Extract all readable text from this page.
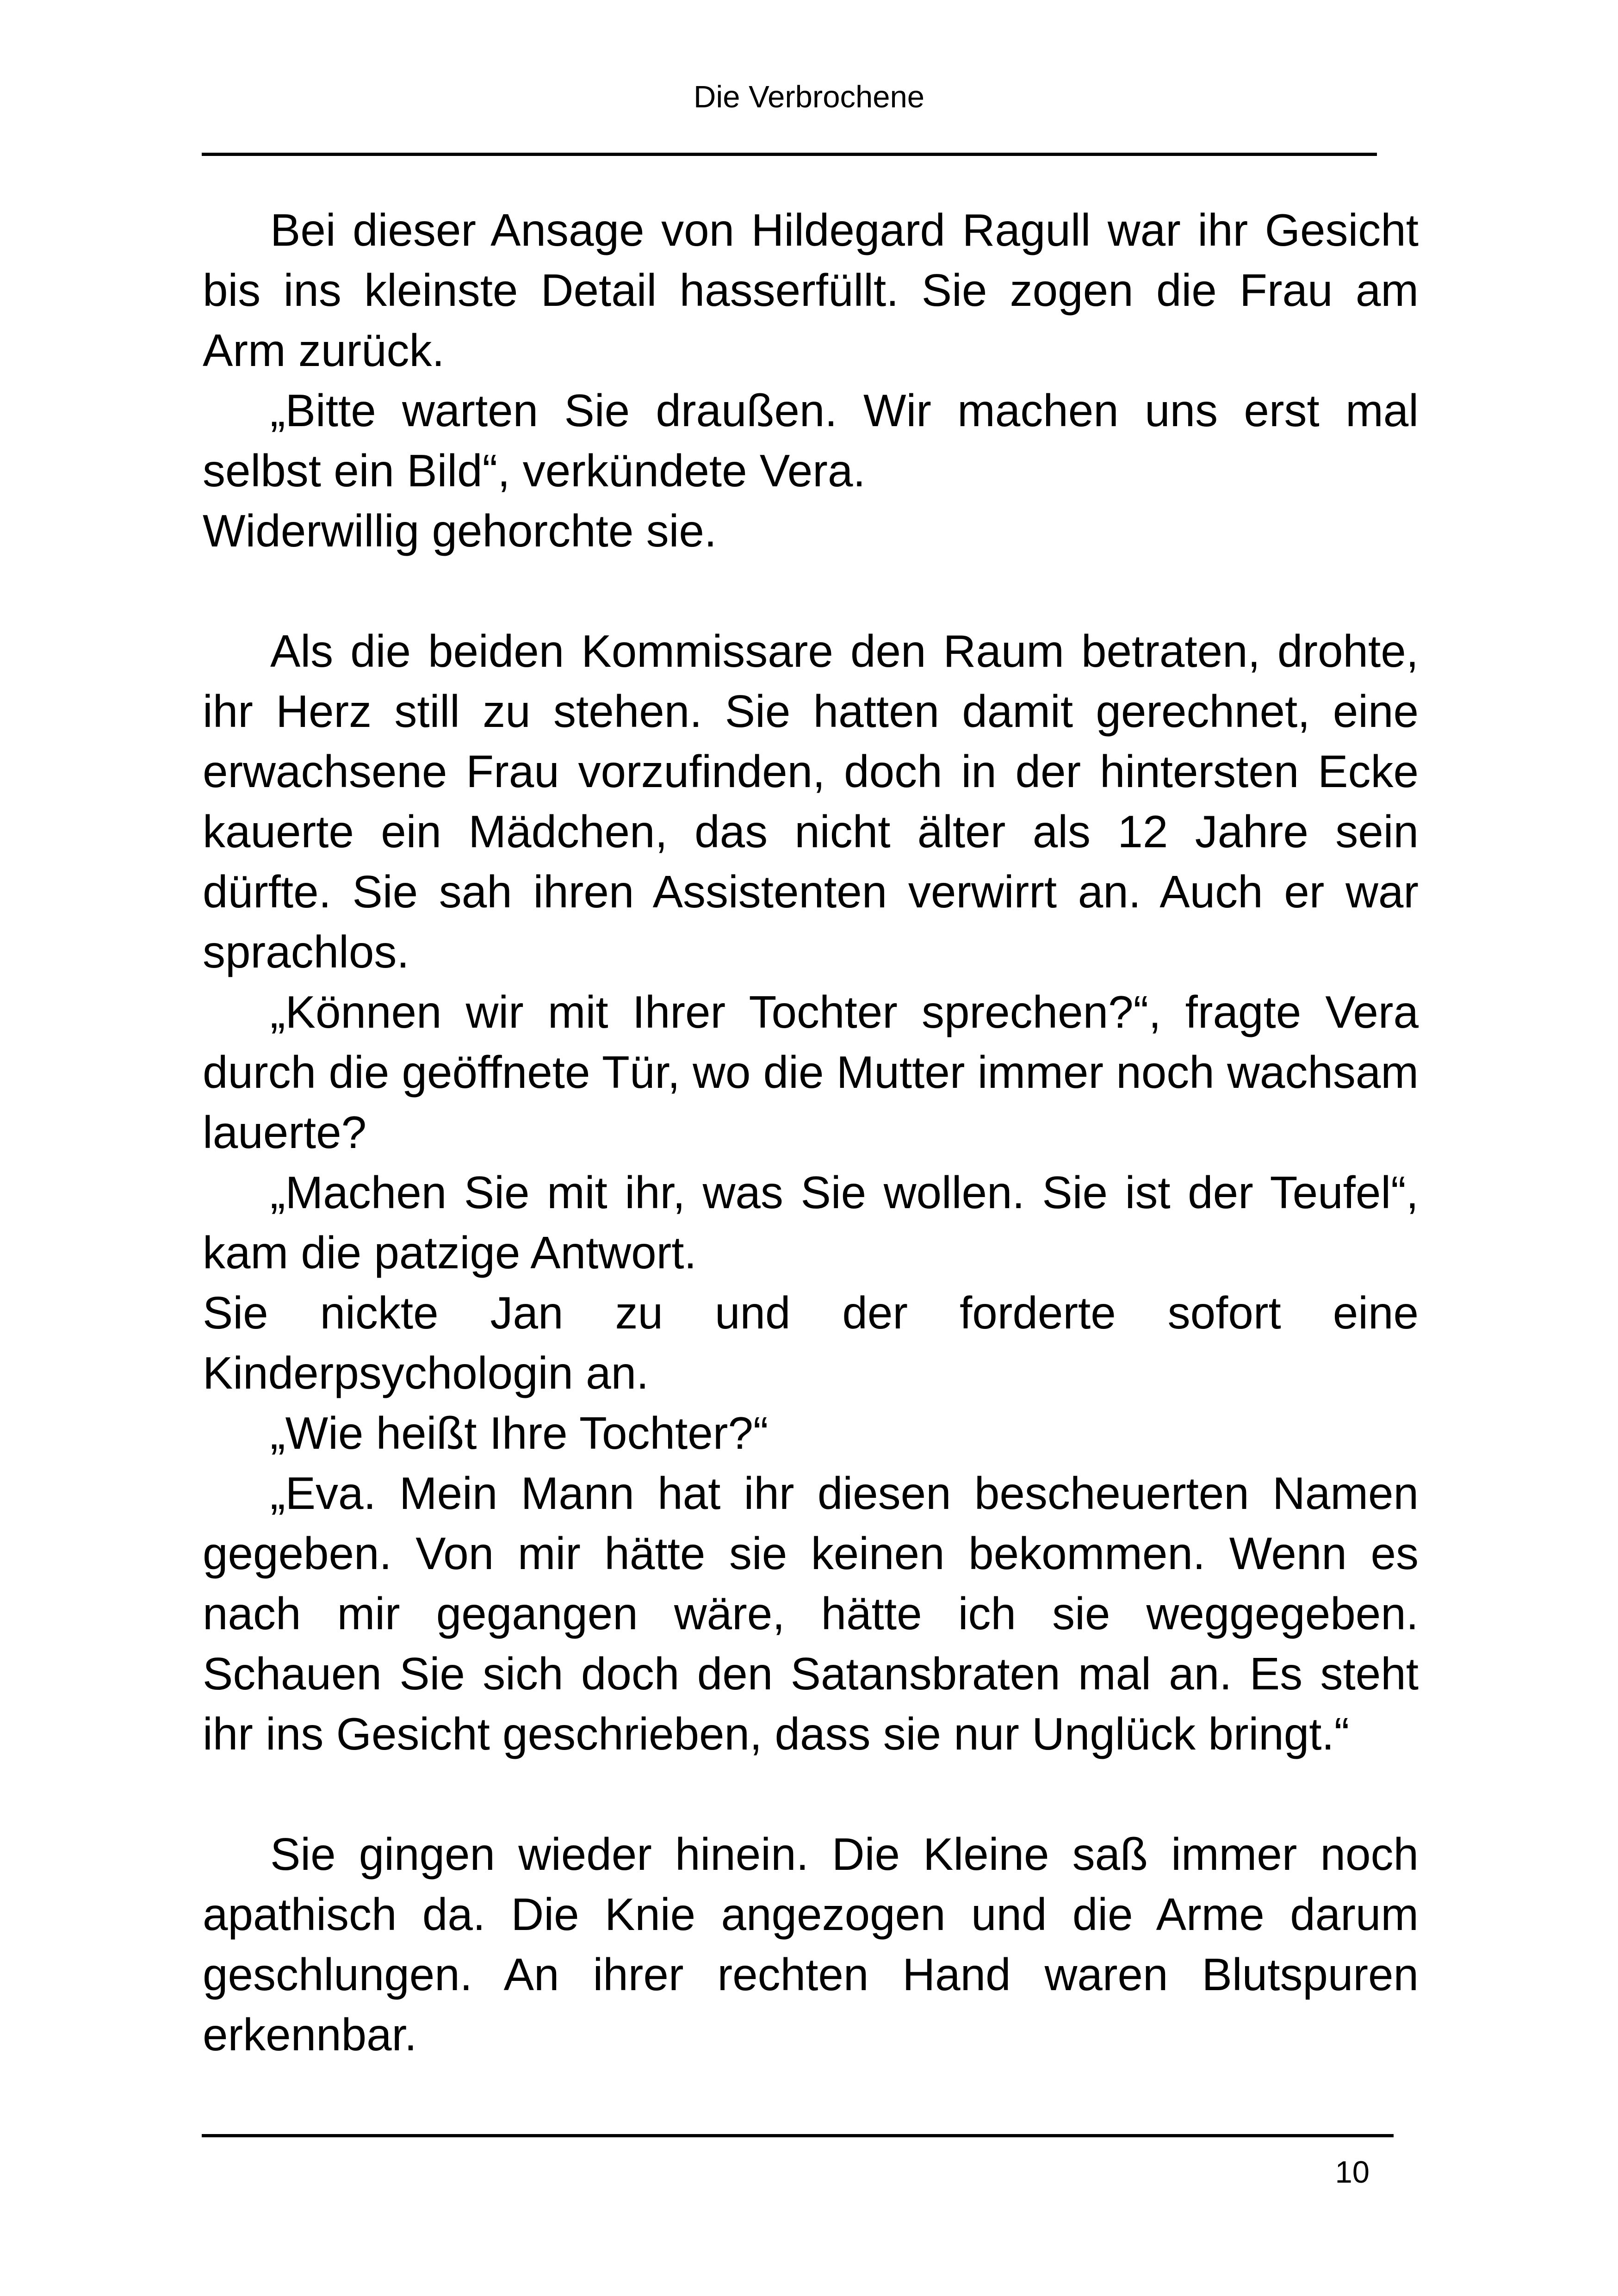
Die Verbrochene

Bei dieser Ansage von Hildegard Ragull war ihr Gesicht bis ins kleinste Detail hasserfüllt. Sie zogen die Frau am Arm zurück.

„Bitte warten Sie draußen. Wir machen uns erst mal selbst ein Bild“, verkündete Vera.

Widerwillig gehorchte sie.

Als die beiden Kommissare den Raum betraten, drohte, ihr Herz still zu stehen. Sie hatten damit gerechnet, eine erwachsene Frau vorzufinden, doch in der hintersten Ecke kauerte ein Mädchen, das nicht älter als 12 Jahre sein dürfte. Sie sah ihren Assistenten verwirrt an. Auch er war sprachlos.

„Können wir mit Ihrer Tochter sprechen?“, fragte Vera durch die geöffnete Tür, wo die Mutter immer noch wachsam lauerte?

„Machen Sie mit ihr, was Sie wollen. Sie ist der Teufel“, kam die patzige Antwort.

Sie nickte Jan zu und der forderte sofort eine Kinderpsychologin an.

„Wie heißt Ihre Tochter?“

„Eva. Mein Mann hat ihr diesen bescheuerten Namen gegeben. Von mir hätte sie keinen bekommen. Wenn es nach mir gegangen wäre, hätte ich sie weggegeben. Schauen Sie sich doch den Satansbraten mal an. Es steht ihr ins Gesicht geschrieben, dass sie nur Unglück bringt.“

Sie gingen wieder hinein. Die Kleine saß immer noch apathisch da. Die Knie angezogen und die Arme darum geschlungen. An ihrer rechten Hand waren Blutspuren erkennbar.

10
